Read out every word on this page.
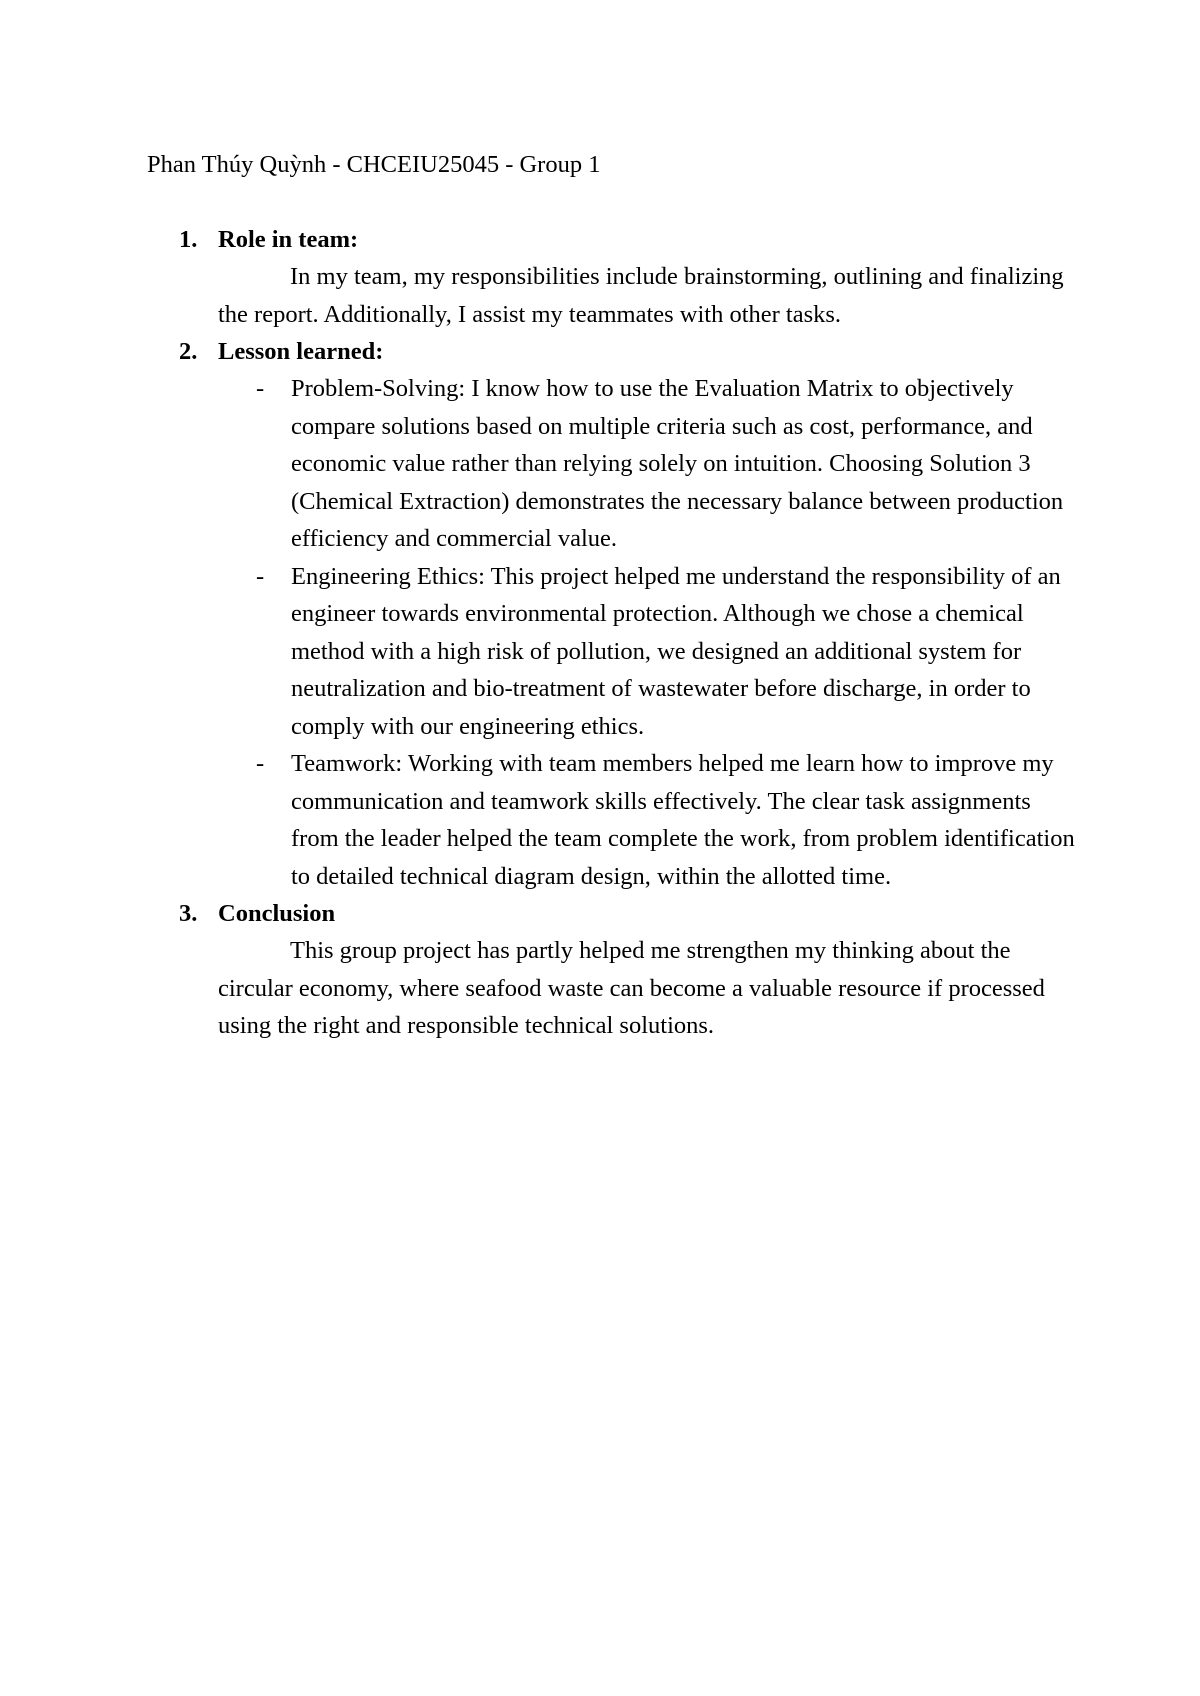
Phan Thúy Quỳnh - CHCEIU25045 - Group 1
1. Role in team:

In my team, my responsibilities include brainstorming, outlining and finalizing the report. Additionally, I assist my teammates with other tasks.

2. Lesson learned:
- Problem-Solving: I know how to use the Evaluation Matrix to objectively compare solutions based on multiple criteria such as cost, performance, and economic value rather than relying solely on intuition. Choosing Solution 3 (Chemical Extraction) demonstrates the necessary balance between production efficiency and commercial value.
- Engineering Ethics: This project helped me understand the responsibility of an engineer towards environmental protection. Although we chose a chemical method with a high risk of pollution, we designed an additional system for neutralization and bio-treatment of wastewater before discharge, in order to comply with our engineering ethics.
- Teamwork: Working with team members helped me learn how to improve my communication and teamwork skills effectively. The clear task assignments from the leader helped the team complete the work, from problem identification to detailed technical diagram design, within the allotted time.
3. Conclusion

This group project has partly helped me strengthen my thinking about the circular economy, where seafood waste can become a valuable resource if processed using the right and responsible technical solutions.
